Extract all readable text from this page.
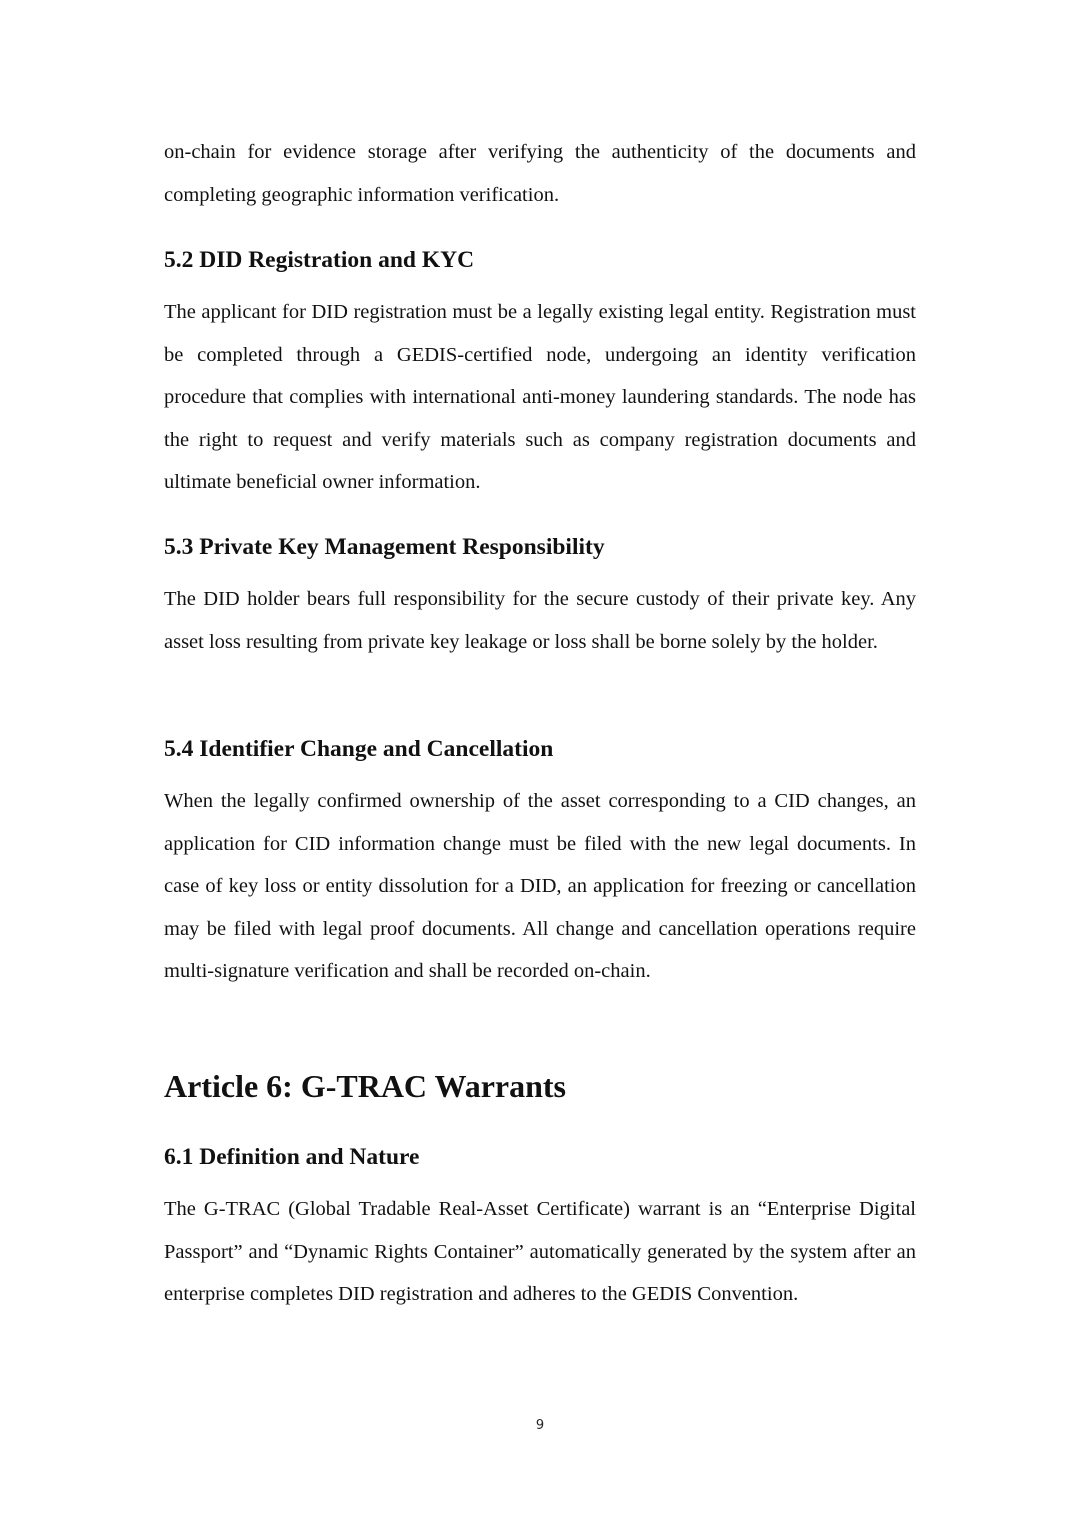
on-chain for evidence storage after verifying the authenticity of the documents and completing geographic information verification.

5.2 DID Registration and KYC

The applicant for DID registration must be a legally existing legal entity. Registration must be completed through a GEDIS-certified node, undergoing an identity verification procedure that complies with international anti-money laundering standards. The node has the right to request and verify materials such as company registration documents and ultimate beneficial owner information.

5.3 Private Key Management Responsibility

The DID holder bears full responsibility for the secure custody of their private key. Any asset loss resulting from private key leakage or loss shall be borne solely by the holder.

5.4 Identifier Change and Cancellation

When the legally confirmed ownership of the asset corresponding to a CID changes, an application for CID information change must be filed with the new legal documents. In case of key loss or entity dissolution for a DID, an application for freezing or cancellation may be filed with legal proof documents. All change and cancellation operations require multi-signature verification and shall be recorded on-chain.

Article 6: G-TRAC Warrants
6.1 Definition and Nature

The G-TRAC (Global Tradable Real-Asset Certificate) warrant is an “Enterprise Digital Passport” and “Dynamic Rights Container” automatically generated by the system after an enterprise completes DID registration and adheres to the GEDIS Convention.

9
